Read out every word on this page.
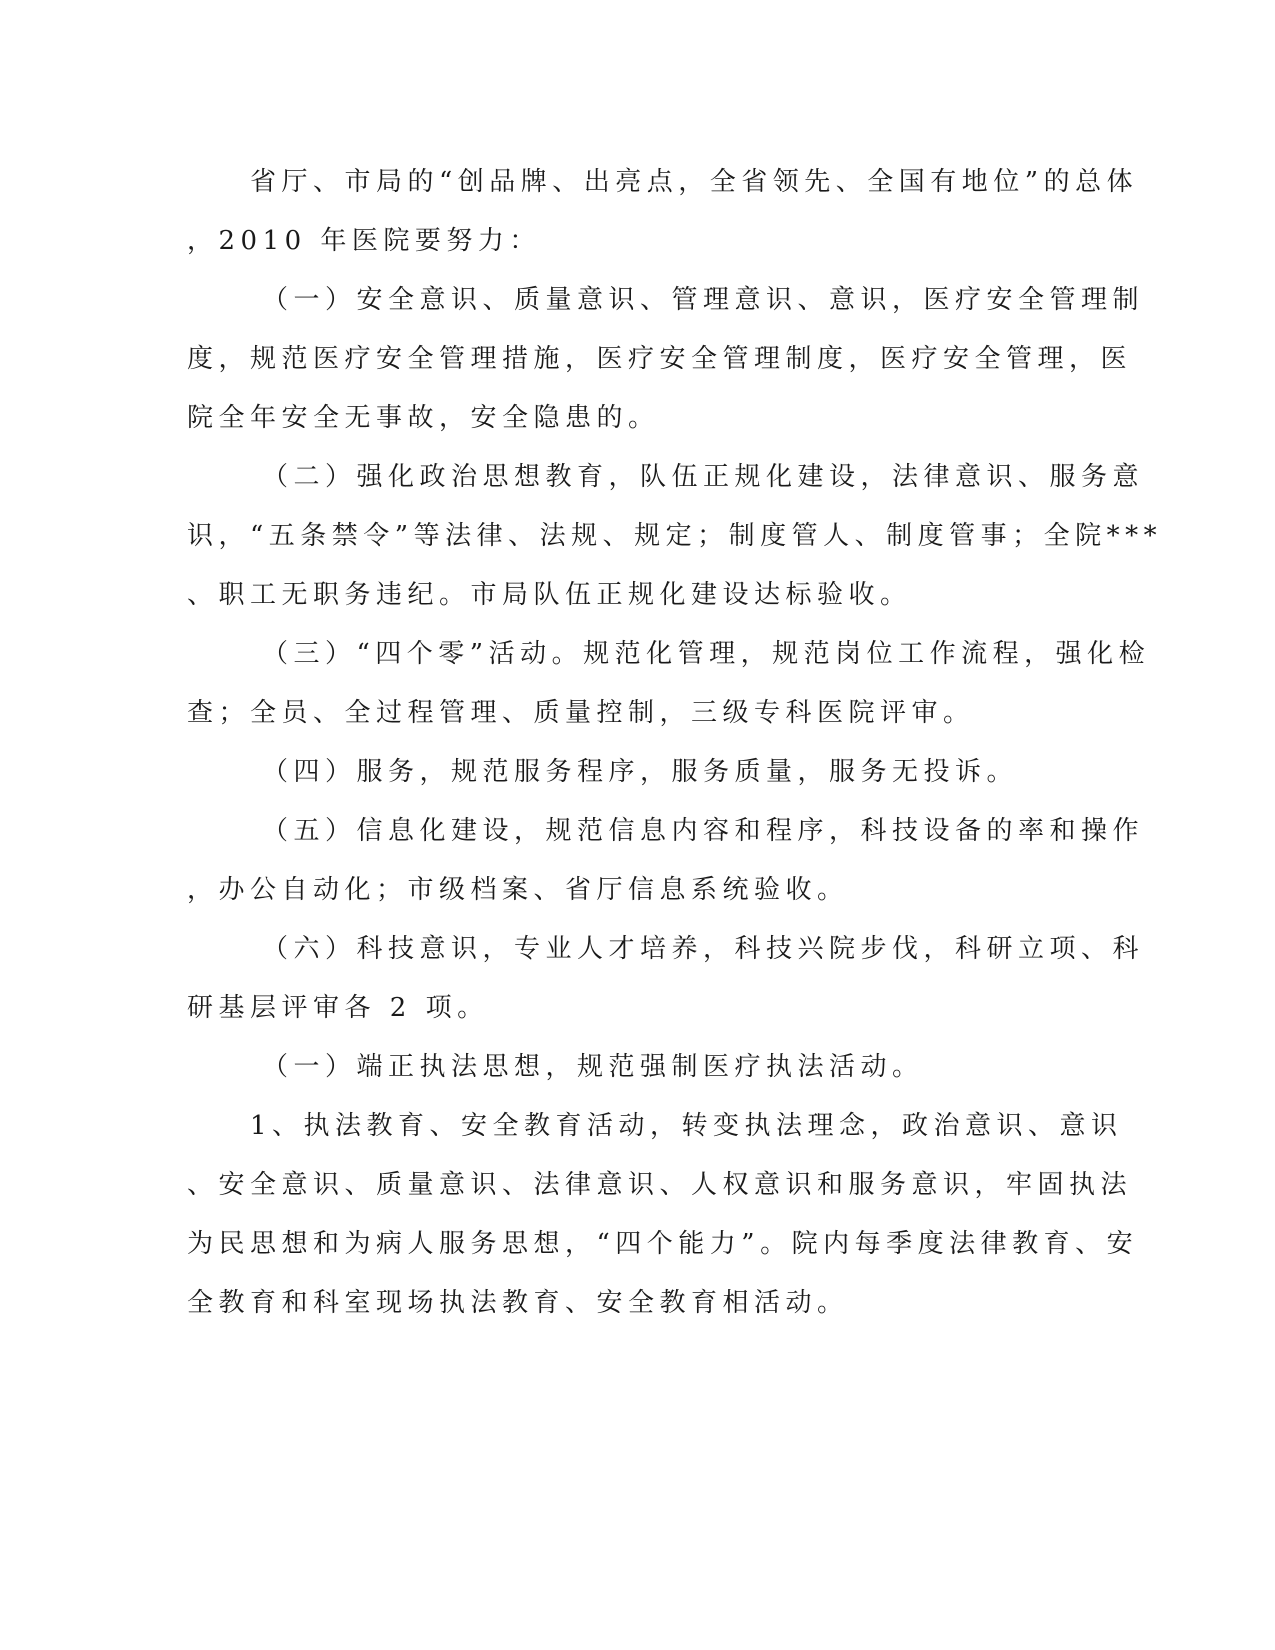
省厅、市局的“创品牌、出亮点，全省领先、全国有地位”的总体
，2010 年医院要努力：
（一）安全意识、质量意识、管理意识、意识，医疗安全管理制
度，规范医疗安全管理措施，医疗安全管理制度，医疗安全管理，医
院全年安全无事故，安全隐患的。
（二）强化政治思想教育，队伍正规化建设，法律意识、服务意
识，“五条禁令”等法律、法规、规定；制度管人、制度管事；全院***
、职工无职务违纪。市局队伍正规化建设达标验收。
（三）“四个零”活动。规范化管理，规范岗位工作流程，强化检
查；全员、全过程管理、质量控制，三级专科医院评审。
（四）服务，规范服务程序，服务质量，服务无投诉。
（五）信息化建设，规范信息内容和程序，科技设备的率和操作
，办公自动化；市级档案、省厅信息系统验收。
（六）科技意识，专业人才培养，科技兴院步伐，科研立项、科
研基层评审各 2 项。
（一）端正执法思想，规范强制医疗执法活动。
1、执法教育、安全教育活动，转变执法理念，政治意识、意识
、安全意识、质量意识、法律意识、人权意识和服务意识，牢固执法
为民思想和为病人服务思想，“四个能力”。院内每季度法律教育、安
全教育和科室现场执法教育、安全教育相活动。
